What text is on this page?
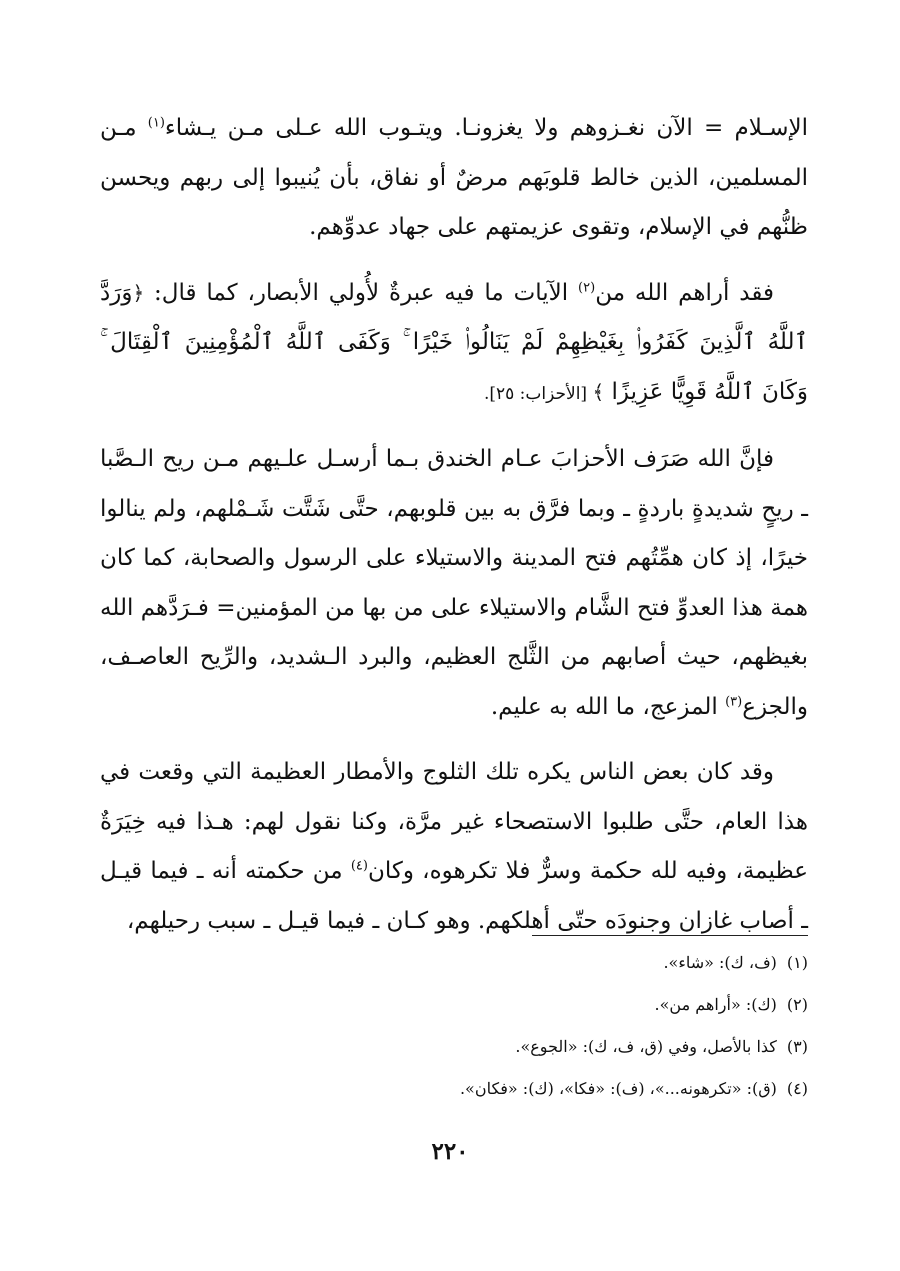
الإسـلام = الآن نغـزوهم ولا يغزونـا. ويتـوب الله عـلى مـن يـشاء$^{(١)}$ مـن المسلمين، الذين خالط قلوبَهم مرضٌ أو نفاق، بأن يُنيبوا إلى ربهم ويحسن ظنُّهم في الإسلام، وتقوى عزيمتهم على جهاد عدوِّهم.

فقد أراهم الله من$^{(٢)}$ الآيات ما فيه عبرةٌ لأُولي الأبصار، كما قال: ﴿وَرَدَّ ٱللَّهُ ٱلَّذِينَ كَفَرُوا۟ بِغَيْظِهِمْ لَمْ يَنَالُوا۟ خَيْرًا ۚ وَكَفَى ٱللَّهُ ٱلْمُؤْمِنِينَ ٱلْقِتَالَ ۚ وَكَانَ ٱللَّهُ قَوِيًّا عَزِيزًا ﴾ [الأحزاب: ٢٥].

فإنَّ الله صَرَف الأحزابَ عـام الخندق بـما أرسـل علـيهم مـن ريح الـصَّبا ـ ريحٍ شديدةٍ باردةٍ ـ وبما فرَّق به بين قلوبهم، حتَّى شَتَّت شَـمْلهم، ولم ينالوا خيرًا، إذ كان همِّتُهم فتح المدينة والاستيلاء على الرسول والصحابة، كما كان همة هذا العدوِّ فتح الشَّام والاستيلاء على من بها من المؤمنين= فـرَدَّهم الله بغيظهم، حيث أصابهم من الثَّلج العظيم، والبرد الـشديد، والرِّيح العاصـف، والجزع$^{(٣)}$ المزعج، ما الله به عليم.

وقد كان بعض الناس يكره تلك الثلوج والأمطار العظيمة التي وقعت في هذا العام، حتَّى طلبوا الاستصحاء غير مرَّة، وكنا نقول لهم: هـذا فيه خِيَرَةٌ عظيمة، وفيه لله حكمة وسرٌّ فلا تكرهوه، وكان$^{(٤)}$ من حكمته أنه ـ فيما قيـل ـ أصاب غازان وجنودَه حتّى أهلكهم. وهو كـان ـ فيما قيـل ـ سبب رحيلهم،

(١)(ف، ك): «شاء».
(٢)(ك): «أراهم من».
(٣)كذا بالأصل، وفي (ق، ف، ك): «الجوع».
(٤)(ق): «تكرهونه...»، (ف): «فكا»، (ك): «فكان».
٢٢٠
